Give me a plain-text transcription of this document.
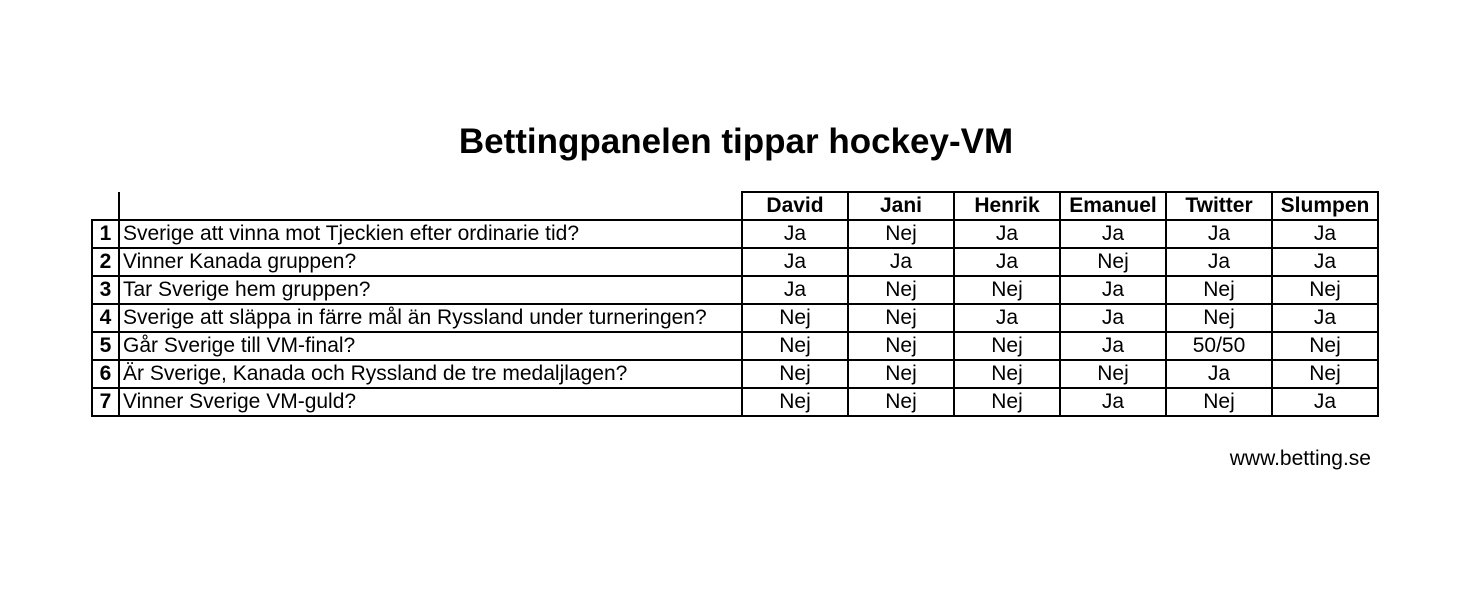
Bettingpanelen tippar hockey-VM
		David	Jani	Henrik	Emanuel	Twitter	Slumpen
1	Sverige att vinna mot Tjeckien efter ordinarie tid?	Ja	Nej	Ja	Ja	Ja	Ja
2	Vinner Kanada gruppen?	Ja	Ja	Ja	Nej	Ja	Ja
3	Tar Sverige hem gruppen?	Ja	Nej	Nej	Ja	Nej	Nej
4	Sverige att släppa in färre mål än Ryssland under turneringen?	Nej	Nej	Ja	Ja	Nej	Ja
5	Går Sverige till VM-final?	Nej	Nej	Nej	Ja	50/50	Nej
6	Är Sverige, Kanada och Ryssland de tre medaljlagen?	Nej	Nej	Nej	Nej	Ja	Nej
7	Vinner Sverige VM-guld?	Nej	Nej	Nej	Ja	Nej	Ja
www.betting.se
